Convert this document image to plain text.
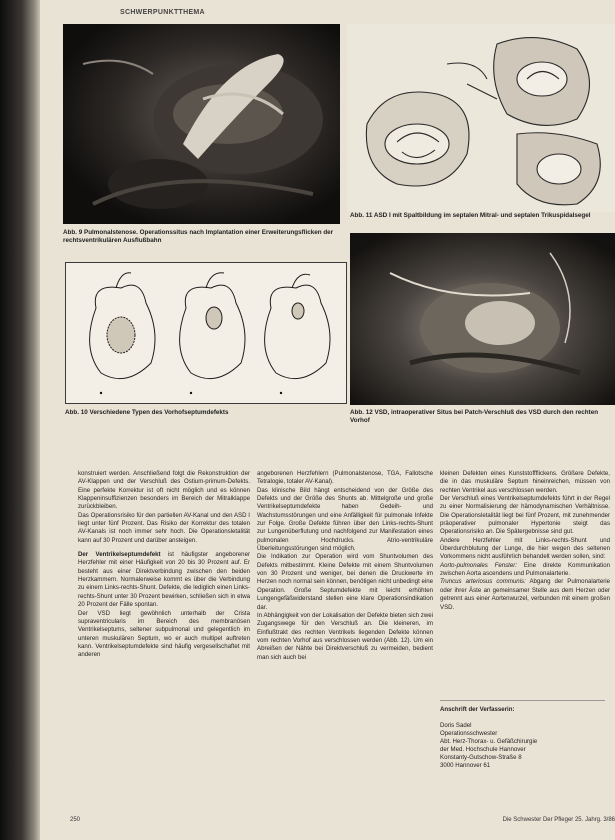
SCHWERPUNKTTHEMA
Abb. 9 Pulmonalstenose. Operationssitus nach Implantation einer Erweiterungsflicken der rechtsventrikulären Ausflußbahn
Abb. 11 ASD I mit Spaltbildung im septalen Mitral- und septalen Trikuspidalsegel
Abb. 10 Verschiedene Typen des Vorhofseptumdefekts	Abb. 12 VSD, intraoperativer Situs bei Patch-Verschluß des VSD durch den rechten Vorhof

konstruiert werden. Anschließend folgt die Rekonstruktion der AV-Klappen und der Verschluß des Ostium-primum-Defekts. Eine perfekte Korrektur ist oft nicht möglich und es können Klappeninsuffizienzen besonders im Bereich der Mitralklappe zurückbleiben.

Das Operationsrisiko für den partiellen AV-Kanal und den ASD I liegt unter fünf Prozent. Das Risiko der Korrektur des totalen AV-Kanals ist noch immer sehr hoch. Die Operationsletalität kann auf 30 Prozent und darüber ansteigen.

Der Ventrikelseptumdefekt ist häufigster angeborener Herzfehler mit einer Häufigkeit von 20 bis 30 Prozent auf. Er besteht aus einer Direktverbindung zwischen den beiden Herzkammern. Normalerweise kommt es über die Verbindung zu einem Links-rechts-Shunt. Defekte, die lediglich einen Links-rechts-Shunt unter 30 Prozent bewirken, schließen sich in etwa 20 Prozent der Fälle spontan.

Der VSD liegt gewöhnlich unterhalb der Crista supraventricularis im Bereich des membranösen Ventrikelseptums, seltener subpulmonal und gelegentlich im unteren muskulären Septum, wo er auch multipel auftreten kann. Ventrikelseptumdefekte sind häufig vergesellschaftet mit anderen

angeborenen Herzfehlern (Pulmonalstenose, TGA, Fallotsche Tetralogie, totaler AV-Kanal).

Das klinische Bild hängt entscheidend von der Größe des Defekts und der Größe des Shunts ab. Mittelgroße und große Ventrikelseptumdefekte haben Gedeih- und Wachstumsstörungen und eine Anfälligkeit für pulmonale Infekte zur Folge. Große Defekte führen über den Links-rechts-Shunt zur Lungenüberflutung und nachfolgend zur Manifestation eines pulmonalen Hochdrucks. Atrio-ventrikuläre Überleitungsstörungen sind möglich.

Die Indikation zur Operation wird vom Shuntvolumen des Defekts mitbestimmt. Kleine Defekte mit einem Shuntvolumen von 30 Prozent und weniger, bei denen die Druckwerte im Herzen noch normal sein können, benötigen nicht unbedingt eine Operation. Große Septumdefekte mit leicht erhöhten Lungengefäßwiderstand stellen eine klare Operationsindikation dar.

In Abhängigkeit von der Lokalisation der Defekte bieten sich zwei Zugangswege für den Verschluß an. Die kleineren, im Einflußtrakt des rechten Ventrikels liegenden Defekte können vom rechten Vorhof aus verschlossen werden (Abb. 12). Um ein Abreißen der Nähte bei Direktverschluß zu vermeiden, bedient man sich auch bei

kleinen Defekten eines Kunststoffflickens. Größere Defekte, die in das muskuläre Septum hineinreichen, müssen von rechten Ventrikel aus verschlossen werden.

Der Verschluß eines Ventrikelseptumdefekts führt in der Regel zu einer Normalisierung der hämodynamischen Verhältnisse. Die Operationsletalität liegt bei fünf Prozent, mit zunehmender präoperativer pulmonaler Hypertonie steigt das Operationsrisiko an. Die Spätergebnisse sind gut.

Andere Herzfehler mit Links-rechts-Shunt und Überdurchblutung der Lunge, die hier wegen des seltenen Vorkommens nicht ausführlich behandelt werden sollen, sind:

Aorto-pulmonales Fenster: Eine direkte Kommunikation zwischen Aorta ascendens und Pulmonalarterie.

Truncus arteriosus communis: Abgang der Pulmonalarterie oder ihrer Äste an gemeinsamer Stelle aus dem Herzen oder getrennt aus einer Aortenwurzel, verbunden mit einem großen VSD.

Anschrift der Verfasserin:

Doris Sadel

Operationsschwester

Abt. Herz-Thorax- u. Gefäßchirurgie

der Med. Hochschule Hannover

Konstanty-Gutschow-Straße 8

3000 Hannover 61

250	Die Schwester Der Pfleger 25. Jahrg. 3/86
